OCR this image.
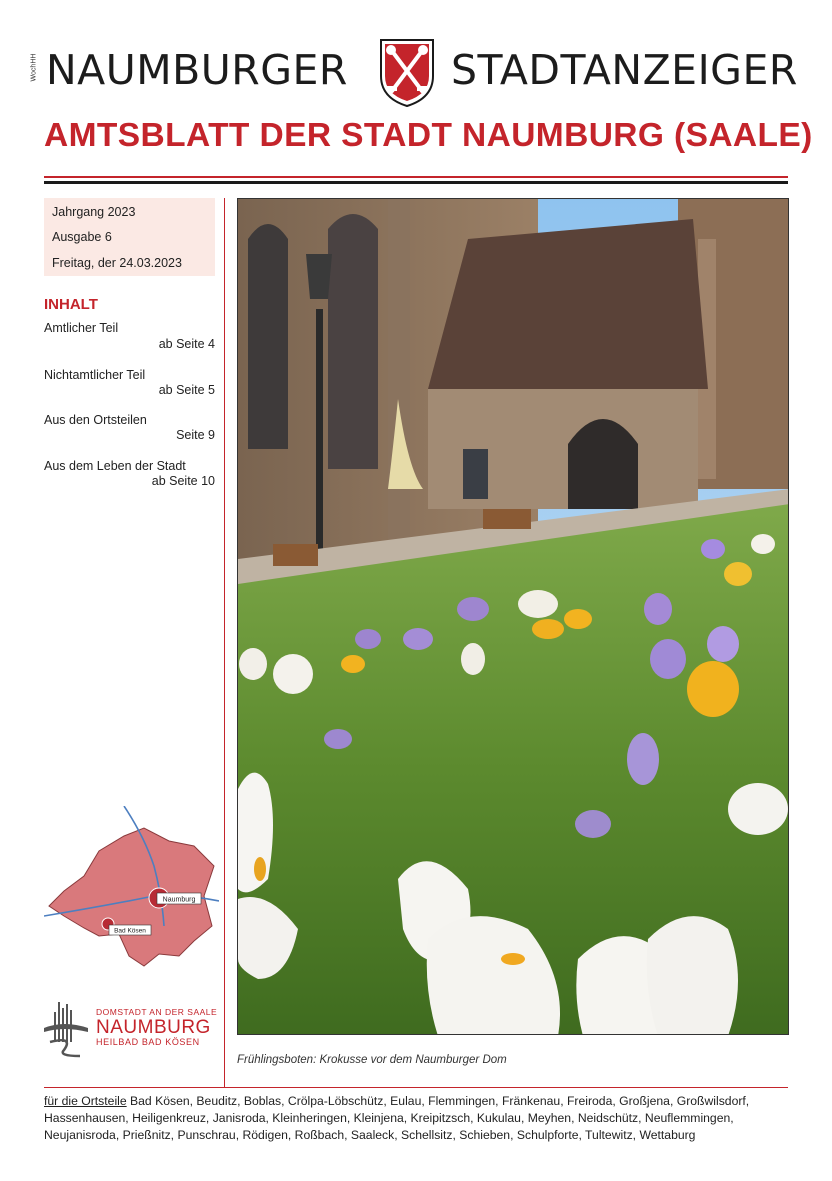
WochHH NAUMBURGER	STADTANZEIGER
AMTSBLATT DER STADT NAUMBURG (SAALE)
Jahrgang 2023
Ausgabe 6
Freitag, der 24.03.2023
INHALT
Amtlicher Teil
ab Seite 4
Nichtamtlicher Teil
ab Seite 5
Aus den Ortsteilen
Seite 9
Aus dem Leben der Stadt
ab Seite 10
Frühlingsboten: Krokusse vor dem Naumburger Dom
Naumburg
Bad Kösen
DOMSTADT AN DER SAALE
NAUMBURG
HEILBAD BAD KÖSEN
für die Ortsteile Bad Kösen, Beuditz, Boblas, Crölpa-Löbschütz, Eulau, Flemmingen, Fränkenau, Freiroda, Großjena, Großwilsdorf, Hassenhausen, Heiligenkreuz, Janisroda, Kleinheringen, Kleinjena, Kreipitzsch, Kukulau, Meyhen, Neidschütz, Neuflemmingen, Neujanisroda, Prießnitz, Punschrau, Rödigen, Roßbach, Saaleck, Schellsitz, Schieben, Schulpforte, Tultewitz, Wettaburg
